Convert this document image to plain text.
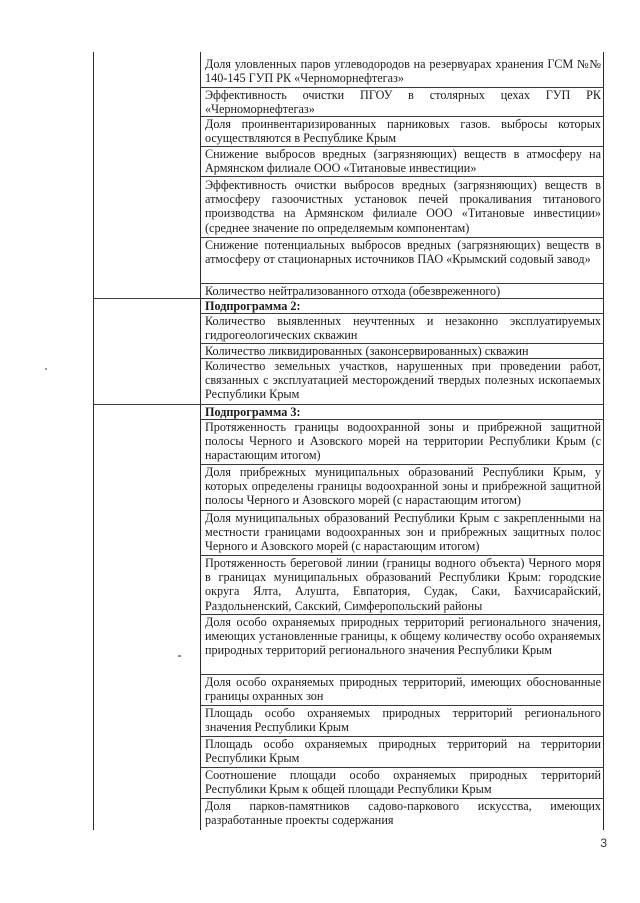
Доля уловленных паров углеводородов на резервуарах хранения ГСМ №№ 140-145 ГУП РК «Черноморнефтегаз»
Эффективность очистки ПГОУ в столярных цехах ГУП РК «Черноморнефтегаз»
Доля проинвентаризированных парниковых газов. выбросы которых осуществляются в Республике Крым
Снижение выбросов вредных (загрязняющих) веществ в атмосферу на Армянском филиале ООО «Титановые инвестиции»
Эффективность очистки выбросов вредных (загрязняющих) веществ в атмосферу газоочистных установок печей прокаливания титанового производства на Армянском филиале ООО «Титановые инвестиции» (среднее значение по определяемым компонентам)
Снижение потенциальных выбросов вредных (загрязняющих) веществ в атмосферу от стационарных источников ПАО «Крымский содовый завод»
Количество нейтрализованного отхода (обезвреженного)
Подпрограмма 2:
Количество выявленных неучтенных и незаконно эксплуатируемых гидрогеологических скважин
Количество ликвидированных (законсервированных) скважин
Количество земельных участков, нарушенных при проведении работ, связанных с эксплуатацией месторождений твердых полезных ископаемых Республики Крым
Подпрограмма 3:
Протяженность границы водоохранной зоны и прибрежной защитной полосы Черного и Азовского морей на территории Республики Крым (с нарастающим итогом)
Доля прибрежных муниципальных образований Республики Крым, у которых определены границы водоохранной зоны и прибрежной защитной полосы Черного и Азовского морей (с нарастающим итогом)
Доля муниципальных образований Республики Крым с закрепленными на местности границами водоохранных зон и прибрежных защитных полос Черного и Азовского морей (с нарастающим итогом)
Протяженность береговой линии (границы водного объекта) Черного моря в границах муниципальных образований Республики Крым: городские округа Ялта, Алушта, Евпатория, Судак, Саки, Бахчисарайский, Раздольненский, Сакский, Симферопольский районы
Доля особо охраняемых природных территорий регионального значения, имеющих установленные границы, к общему количеству особо охраняемых природных территорий регионального значения Республики Крым
Доля особо охраняемых природных территорий, имеющих обоснованные границы охранных зон
Площадь особо охраняемых природных территорий регионального значения Республики Крым
Площадь особо охраняемых природных территорий на территории Республики Крым
Соотношение площади особо охраняемых природных территорий Республики Крым к общей площади Республики Крым
Доля парков-памятников садово-паркового искусства, имеющих разработанные проекты содержания
3
